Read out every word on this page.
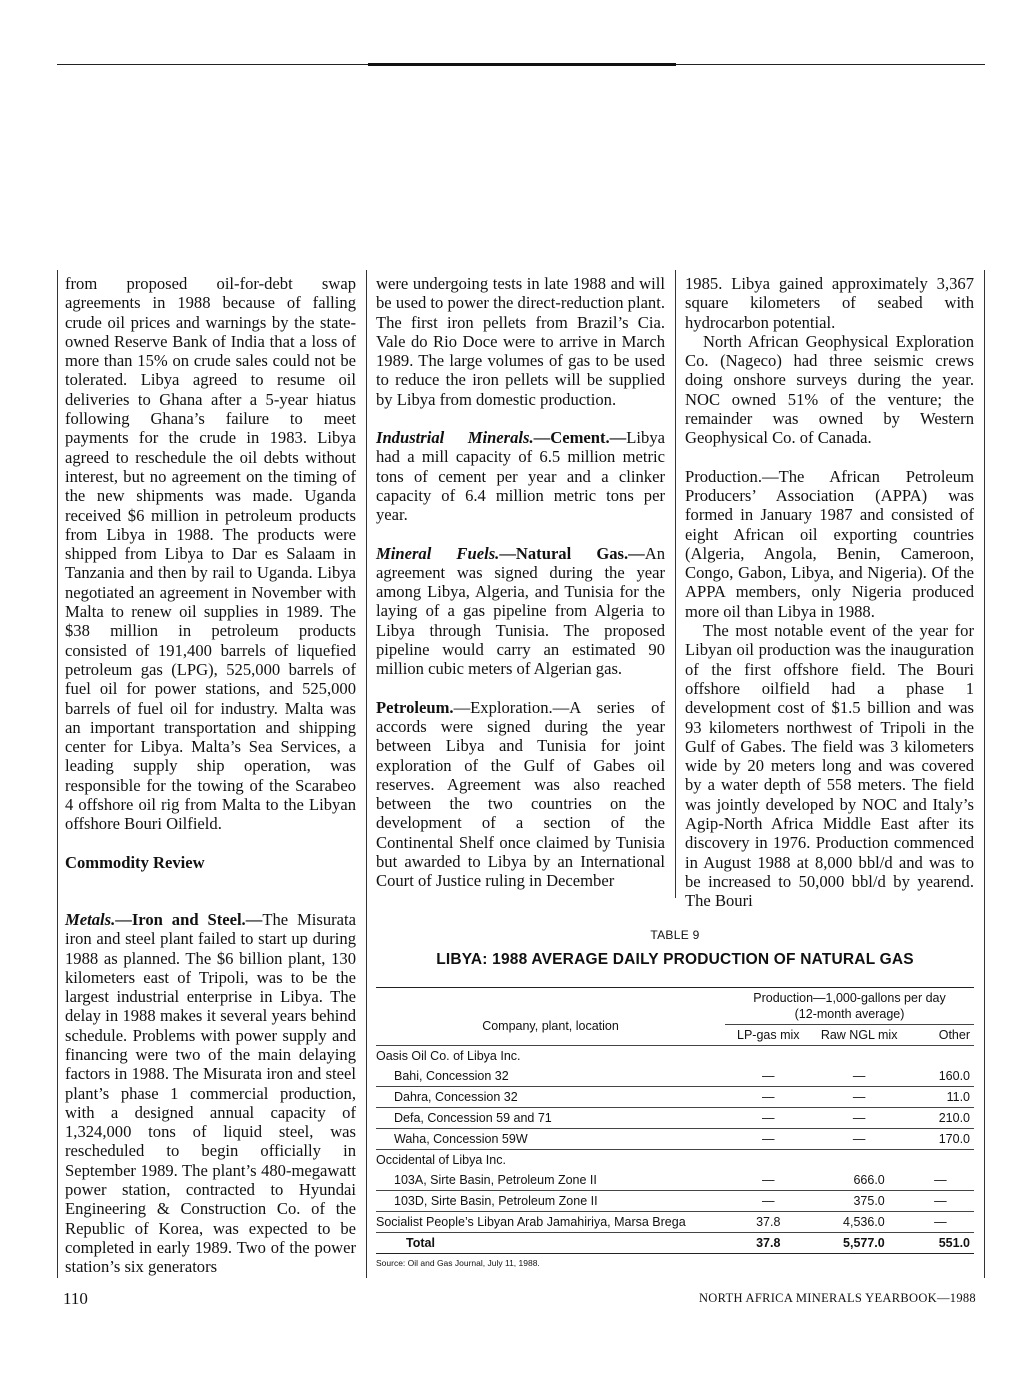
from proposed oil-for-debt swap agreements in 1988 because of falling crude oil prices and warnings by the state-owned Reserve Bank of India that a loss of more than 15% on crude sales could not be tolerated. Libya agreed to resume oil deliveries to Ghana after a 5-year hiatus following Ghana’s failure to meet payments for the crude in 1983. Libya agreed to reschedule the oil debts without interest, but no agreement on the timing of the new shipments was made. Uganda received $6 million in petroleum products from Libya in 1988. The products were shipped from Libya to Dar es Salaam in Tanzania and then by rail to Uganda. Libya negotiated an agreement in November with Malta to renew oil supplies in 1989. The $38 million in petroleum products consisted of 191,400 barrels of liquefied petroleum gas (LPG), 525,000 barrels of fuel oil for power stations, and 525,000 barrels of fuel oil for industry. Malta was an important transportation and shipping center for Libya. Malta’s Sea Services, a leading supply ship operation, was responsible for the towing of the Scarabeo 4 offshore oil rig from Malta to the Libyan offshore Bouri Oilfield.

Commodity Review

Metals.—Iron and Steel.—The Misurata iron and steel plant failed to start up during 1988 as planned. The $6 billion plant, 130 kilometers east of Tripoli, was to be the largest industrial enterprise in Libya. The delay in 1988 makes it several years behind schedule. Problems with power supply and financing were two of the main delaying factors in 1988. The Misurata iron and steel plant’s phase 1 commercial production, with a designed annual capacity of 1,324,000 tons of liquid steel, was rescheduled to begin officially in September 1989. The plant’s 480-megawatt power station, contracted to Hyundai Engineering & Construction Co. of the Republic of Korea, was expected to be completed in early 1989. Two of the power station’s six generators

were undergoing tests in late 1988 and will be used to power the direct-reduction plant. The first iron pellets from Brazil’s Cia. Vale do Rio Doce were to arrive in March 1989. The large volumes of gas to be used to reduce the iron pellets will be supplied by Libya from domestic production.

Industrial Minerals.—Cement.—Libya had a mill capacity of 6.5 million metric tons of cement per year and a clinker capacity of 6.4 million metric tons per year.

Mineral Fuels.—Natural Gas.—An agreement was signed during the year among Libya, Algeria, and Tunisia for the laying of a gas pipeline from Algeria to Libya through Tunisia. The proposed pipeline would carry an estimated 90 million cubic meters of Algerian gas.

Petroleum.—Exploration.—A series of accords were signed during the year between Libya and Tunisia for joint exploration of the Gulf of Gabes oil reserves. Agreement was also reached between the two countries on the development of a section of the Continental Shelf once claimed by Tunisia but awarded to Libya by an International Court of Justice ruling in December

1985. Libya gained approximately 3,367 square kilometers of seabed with hydrocarbon potential.

North African Geophysical Exploration Co. (Nageco) had three seismic crews doing onshore surveys during the year. NOC owned 51% of the venture; the remainder was owned by Western Geophysical Co. of Canada.

Production.—The African Petroleum Producers’ Association (APPA) was formed in January 1987 and consisted of eight African oil exporting countries (Algeria, Angola, Benin, Cameroon, Congo, Gabon, Libya, and Nigeria). Of the APPA members, only Nigeria produced more oil than Libya in 1988.

The most notable event of the year for Libyan oil production was the inauguration of the first offshore field. The Bouri offshore oilfield had a phase 1 development cost of $1.5 billion and was 93 kilometers northwest of Tripoli in the Gulf of Gabes. The field was 3 kilometers wide by 20 meters long and was covered by a water depth of 558 meters. The field was jointly developed by NOC and Italy’s Agip-North Africa Middle East after its discovery in 1976. Production commenced in August 1988 at 8,000 bbl/d and was to be increased to 50,000 bbl/d by yearend. The Bouri

TABLE 9
LIBYA: 1988 AVERAGE DAILY PRODUCTION OF NATURAL GAS
Company, plant, location	Production—1,000-gallons per day
(12-month average)		
	LP-gas mix	Raw NGL mix	Other
Oasis Oil Co. of Libya Inc.			
Bahi, Concession 32	—	—	160.0
Dahra, Concession 32	—	—	11.0
Defa, Concession 59 and 71	—	—	210.0
Waha, Concession 59W	—	—	170.0
Occidental of Libya Inc.			
103A, Sirte Basin, Petroleum Zone II	—	666.0	—
103D, Sirte Basin, Petroleum Zone II	—	375.0	—
Socialist People’s Libyan Arab Jamahiriya, Marsa Brega	37.8	4,536.0	—
Total	37.8	5,577.0	551.0
Source: Oil and Gas Journal, July 11, 1988.
110	NORTH AFRICA MINERALS YEARBOOK—1988
